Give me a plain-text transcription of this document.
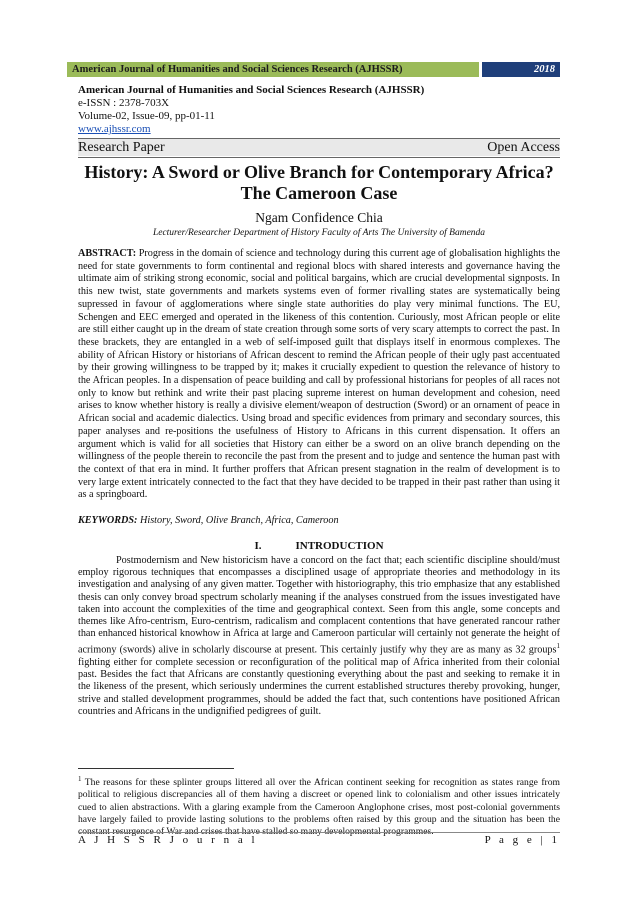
American Journal of Humanities and Social Sciences Research (AJHSSR)	2018
American Journal of Humanities and Social Sciences Research (AJHSSR)
e-ISSN : 2378-703X
Volume-02, Issue-09, pp-01-11
www.ajhssr.com
Research Paper	Open Access
History: A Sword or Olive Branch for Contemporary Africa?
The Cameroon Case
Ngam Confidence Chia
Lecturer/Researcher Department of History Faculty of Arts The University of Bamenda

ABSTRACT: Progress in the domain of science and technology during this current age of globalisation highlights the need for state governments to form continental and regional blocs with shared interests and governance having the ultimate aim of striking strong economic, social and political bargains, which are crucial developmental signposts. In this new twist, state governments and markets systems even of former rivalling states are systematically being supressed in favour of agglomerations where single state authorities do play very minimal functions. The EU, Schengen and EEC emerged and operated in the likeness of this contention. Curiously, most African people or elite are still either caught up in the dream of state creation through some sorts of very scary attempts to correct the past. In these brackets, they are entangled in a web of self-imposed guilt that displays itself in enormous complexes. The ability of African History or historians of African descent to remind the African people of their ugly past accentuated by their growing willingness to be trapped by it; makes it crucially expedient to question the relevance of history to the African peoples. In a dispensation of peace building and call by professional historians for peoples of all races not only to know but rethink and write their past placing supreme interest on human development and cohesion, need arises to know whether history is really a divisive element/weapon of destruction (Sword) or an ornament of peace in African social and academic dialectics. Using broad and specific evidences from primary and secondary sources, this paper analyses and re-positions the usefulness of History to Africans in this current dispensation. It offers an argument which is valid for all societies that History can either be a sword on an olive branch depending on the willingness of the people therein to reconcile the past from the present and to judge and sentence the human past with the context of that era in mind. It further proffers that African present stagnation in the realm of development is to very large extent intricately connected to the fact that they have decided to be trapped in their past rather than using it as a springboard.

KEYWORDS: History, Sword, Olive Branch, Africa, Cameroon
I.	INTRODUCTION

Postmodernism and New historicism have a concord on the fact that; each scientific discipline should/must employ rigorous techniques that encompasses a disciplined usage of appropriate theories and methodology in its investigation and analysing of any given matter. Together with historiography, this trio emphasize that any established thesis can only convey broad spectrum scholarly meaning if the analyses construed from the issues investigated have taken into account the complexities of the time and geographical context. Seen from this angle, some concepts and themes like Afro-centrism, Euro-centrism, radicalism and complacent contentions that have generated rancour rather than enhanced historical knowhow in Africa at large and Cameroon particular will certainly not generate the height of acrimony (swords) alive in scholarly discourse at present. This certainly justify why they are as many as 32 groups$^1$ fighting either for complete secession or reconfiguration of the political map of Africa inherited from their colonial past. Besides the fact that Africans are constantly questioning everything about the past and seeking to remake it in the likeness of the present, which seriously undermines the current established structures thereby provoking, hunger, strive and stalled development programmes, should be added the fact that, such contentions have positioned African countries and Africans in the undignified pedigrees of guilt.

$^1$ The reasons for these splinter groups littered all over the African continent seeking for recognition as states range from political to religious discrepancies all of them having a discreet or opened link to colonialism and other issues intricately cued to alien abstractions. With a glaring example from the Cameroon Anglophone crises, most post-colonial governments have largely failed to provide lasting solutions to the problems often raised by this group and the situation has been the

A J H S S R J o u r n a l	P a g e | 1
